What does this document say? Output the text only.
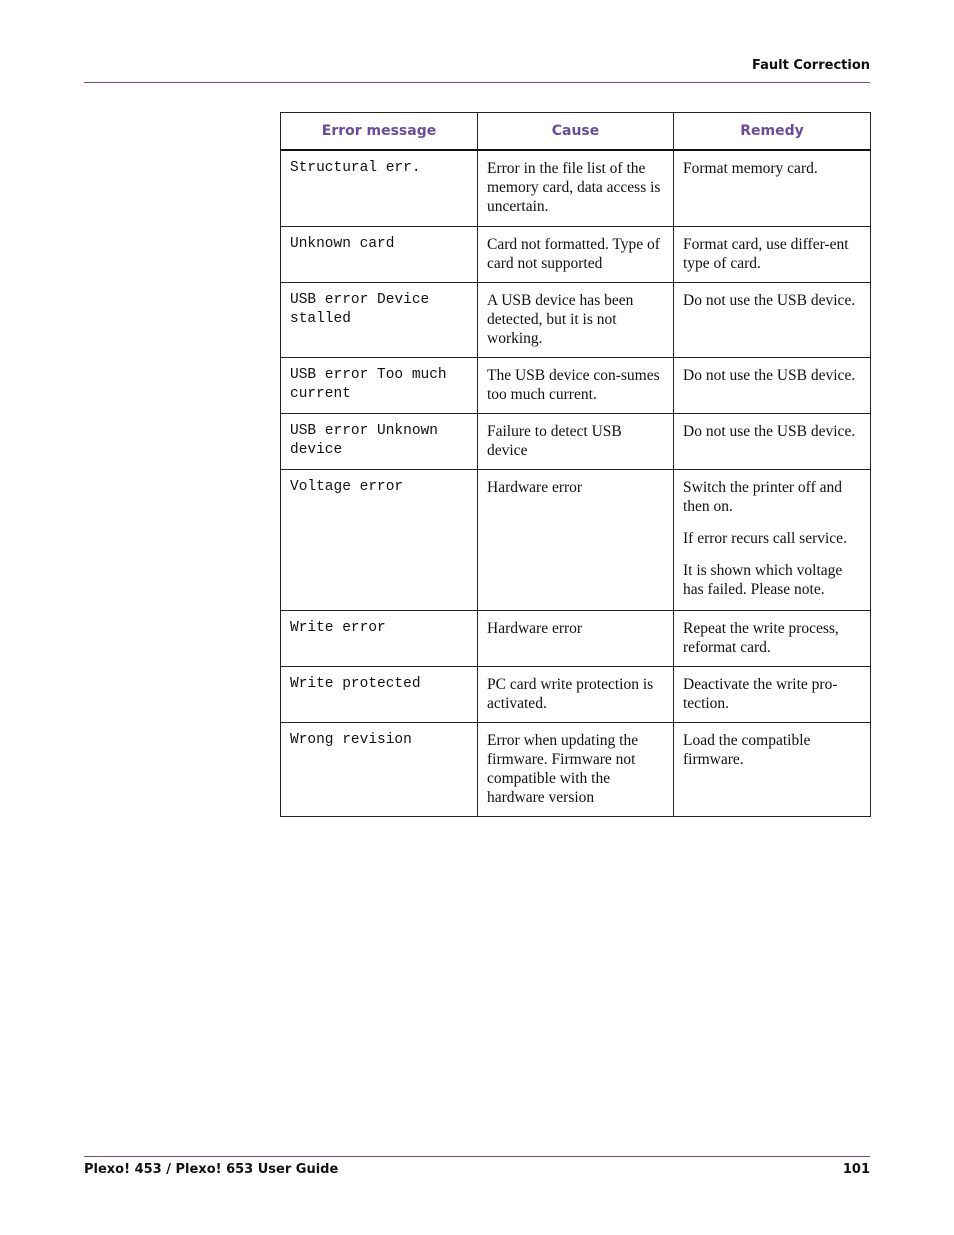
Fault Correction
Error message	Cause	Remedy
Structural err.	Error in the file list of the memory card, data access is uncertain.	Format memory card.

Unknown card	Card not formatted. Type of card not supported	Format card, use differ-ent type of card.

USB error Device stalled	A USB device has been detected, but it is not working.	Do not use the USB device.

USB error Too much current	The USB device con-sumes too much current.	Do not use the USB device.

USB error Unknown device	Failure to detect USB device	Do not use the USB device.

Voltage error	Hardware error	Switch the printer off and then on.

If error recurs call service.

It is shown which voltage has failed. Please note.

Write error	Hardware error	Repeat the write process, reformat card.

Write protected	PC card write protection is activated.	Deactivate the write pro-tection.

Wrong revision	Error when updating the firmware. Firmware not compatible with the hardware version	Load the compatible firmware.

Plexo! 453 / Plexo! 653 User Guide	101
